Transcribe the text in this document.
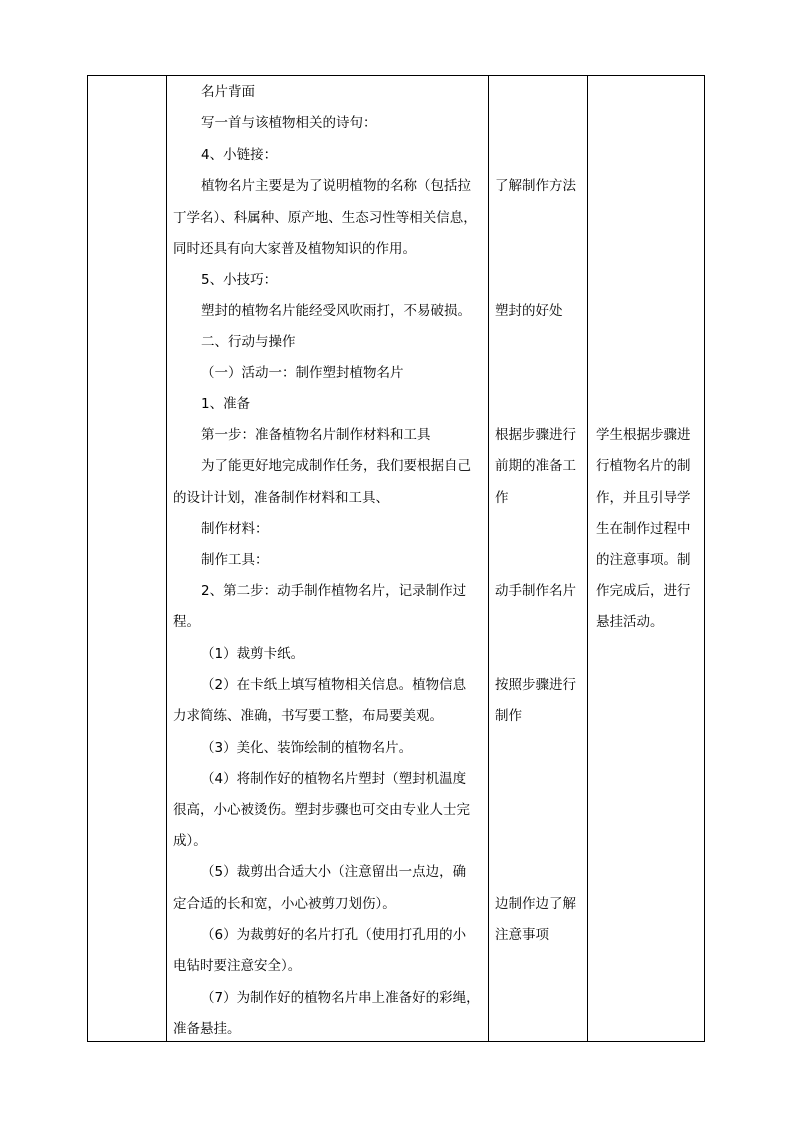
名片背面
写一首与该植物相关的诗句：
4、小链接：
植物名片主要是为了说明植物的名称（包括拉
丁学名）、科属种、原产地、生态习性等相关信息，
同时还具有向大家普及植物知识的作用。
5、小技巧：
塑封的植物名片能经受风吹雨打，不易破损。
二、行动与操作
（一）活动一：制作塑封植物名片
1、准备
第一步：准备植物名片制作材料和工具
为了能更好地完成制作任务，我们要根据自己
的设计计划，准备制作材料和工具、
制作材料：
制作工具：
2、第二步：动手制作植物名片，记录制作过
程。
（1）裁剪卡纸。
（2）在卡纸上填写植物相关信息。植物信息
力求简练、准确，书写要工整，布局要美观。
（3）美化、装饰绘制的植物名片。
（4）将制作好的植物名片塑封（塑封机温度
很高，小心被烫伤。塑封步骤也可交由专业人士完
成）。
（5）裁剪出合适大小（注意留出一点边，确
定合适的长和宽，小心被剪刀划伤）。
（6）为裁剪好的名片打孔（使用打孔用的小
电钻时要注意安全）。
（7）为制作好的植物名片串上准备好的彩绳，
准备悬挂。
了解制作方法
塑封的好处
根据步骤进行
前期的准备工
作
动手制作名片
按照步骤进行
制作
边制作边了解
注意事项
学生根据步骤进
行植物名片的制
作，并且引导学
生在制作过程中
的注意事项。制
作完成后，进行
悬挂活动。
